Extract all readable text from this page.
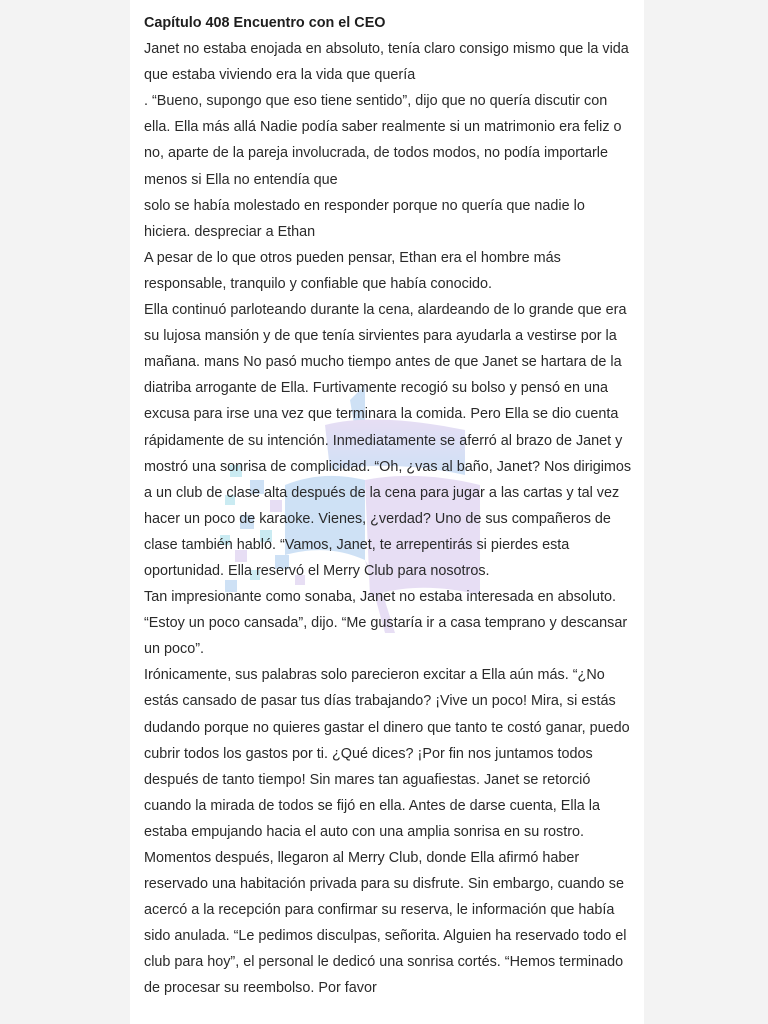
Capítulo 408 Encuentro con el CEO

Janet no estaba enojada en absoluto, tenía claro consigo mismo que la vida que estaba viviendo era la vida que quería

. “Bueno, supongo que eso tiene sentido”, dijo que no quería discutir con ella. Ella más allá Nadie podía saber realmente si un matrimonio era feliz o no, aparte de la pareja involucrada, de todos modos, no podía importarle menos si Ella no entendía que

solo se había molestado en responder porque no quería que nadie lo hiciera. despreciar a Ethan

A pesar de lo que otros pueden pensar, Ethan era el hombre más responsable, tranquilo y confiable que había conocido.

Ella continuó parloteando durante la cena, alardeando de lo grande que era su lujosa mansión y de que tenía sirvientes para ayudarla a vestirse por la mañana. mans No pasó mucho tiempo antes de que Janet se hartara de la diatriba arrogante de Ella. Furtivamente recogió su bolso y pensó en una excusa para irse una vez que terminara la comida. Pero Ella se dio cuenta rápidamente de su intención. Inmediatamente se aferró al brazo de Janet y mostró una sonrisa de complicidad. “Oh, ¿vas al baño, Janet? Nos dirigimos a un club de clase alta después de la cena para jugar a las cartas y tal vez hacer un poco de karaoke. Vienes, ¿verdad? Uno de sus compañeros de clase también habló. “Vamos, Janet, te arrepentirás si pierdes esta oportunidad. Ella reservó el Merry Club para nosotros.

Tan impresionante como sonaba, Janet no estaba interesada en absoluto. “Estoy un poco cansada”, dijo. “Me gustaría ir a casa temprano y descansar un poco”.

Irónicamente, sus palabras solo parecieron excitar a Ella aún más. “¿No estás cansado de pasar tus días trabajando? ¡Vive un poco! Mira, si estás dudando porque no quieres gastar el dinero que tanto te costó ganar, puedo cubrir todos los gastos por ti. ¿Qué dices? ¡Por fin nos juntamos todos después de tanto tiempo! Sin mares tan aguafiestas. Janet se retorció cuando la mirada de todos se fijó en ella. Antes de darse cuenta, Ella la estaba empujando hacia el auto con una amplia sonrisa en su rostro. Momentos después, llegaron al Merry Club, donde Ella afirmó haber reservado una habitación privada para su disfrute. Sin embargo, cuando se acercó a la recepción para confirmar su reserva, le información que había sido anulada. “Le pedimos disculpas, señorita. Alguien ha reservado todo el club para hoy”, el personal le dedicó una sonrisa cortés. “Hemos terminado de procesar su reembolso. Por favor
